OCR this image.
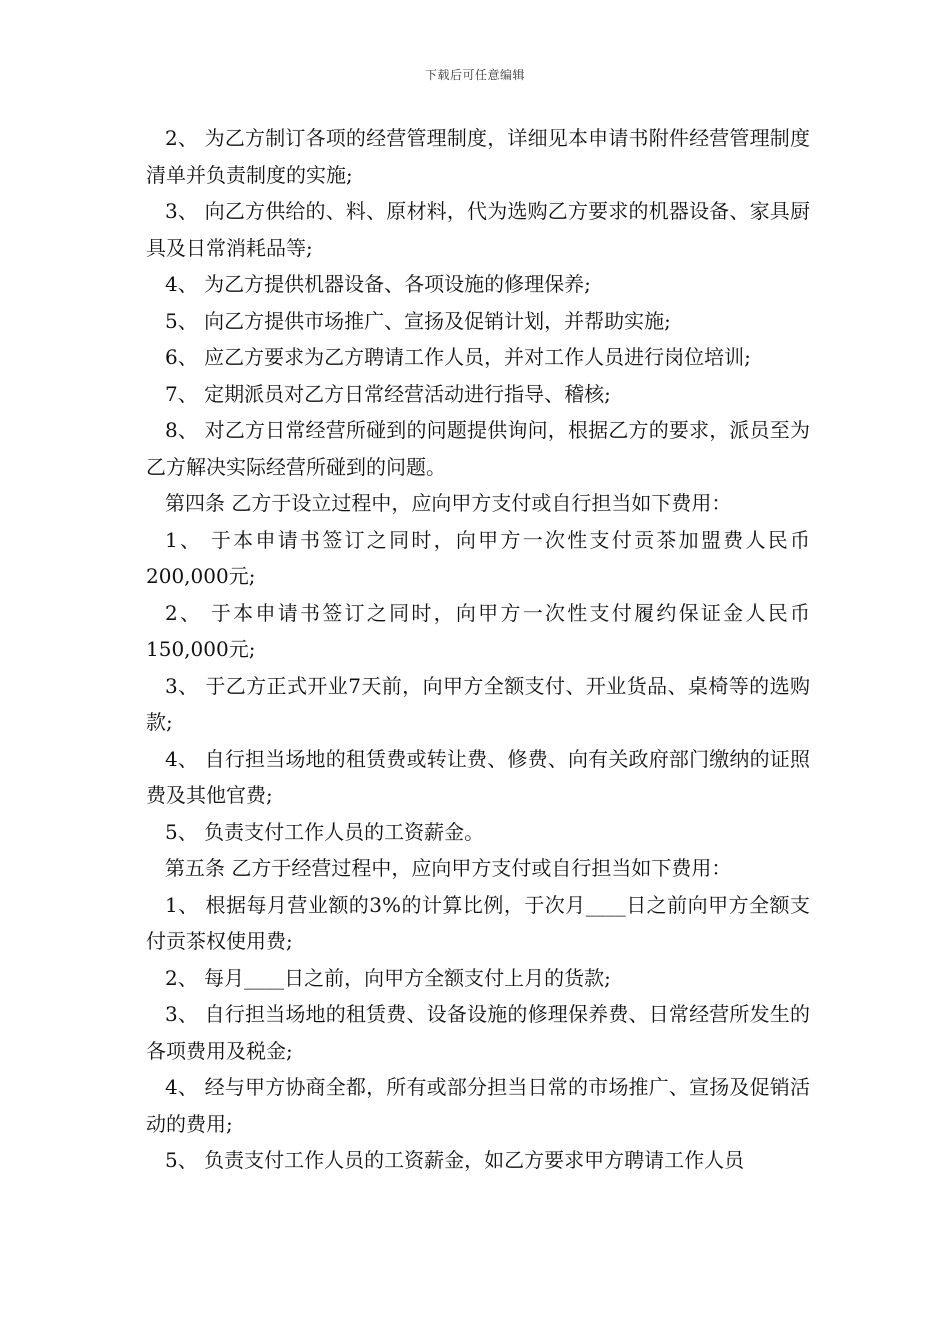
下载后可任意编辑

2、 为乙方制订各项的经营管理制度，详细见本申请书附件经营管理制度清单并负责制度的实施;

3、 向乙方供给的、料、原材料，代为选购乙方要求的机器设备、家具厨具及日常消耗品等;

4、 为乙方提供机器设备、各项设施的修理保养;

5、 向乙方提供市场推广、宣扬及促销计划，并帮助实施;

6、 应乙方要求为乙方聘请工作人员，并对工作人员进行岗位培训;

7、 定期派员对乙方日常经营活动进行指导、稽核;

8、 对乙方日常经营所碰到的问题提供询问，根据乙方的要求，派员至为乙方解决实际经营所碰到的问题。

第四条 乙方于设立过程中，应向甲方支付或自行担当如下费用：

1、 于本申请书签订之同时，向甲方一次性支付贡茶加盟费人民币200,000元;

2、 于本申请书签订之同时，向甲方一次性支付履约保证金人民币150,000元;

3、 于乙方正式开业7天前，向甲方全额支付、开业货品、桌椅等的选购款;

4、 自行担当场地的租赁费或转让费、修费、向有关政府部门缴纳的证照费及其他官费;

5、 负责支付工作人员的工资薪金。

第五条 乙方于经营过程中，应向甲方支付或自行担当如下费用：

1、 根据每月营业额的3%的计算比例，于次月____日之前向甲方全额支付贡茶权使用费;

2、 每月____日之前，向甲方全额支付上月的货款;

3、 自行担当场地的租赁费、设备设施的修理保养费、日常经营所发生的各项费用及税金;

4、 经与甲方协商全都，所有或部分担当日常的市场推广、宣扬及促销活动的费用;

5、 负责支付工作人员的工资薪金，如乙方要求甲方聘请工作人员
